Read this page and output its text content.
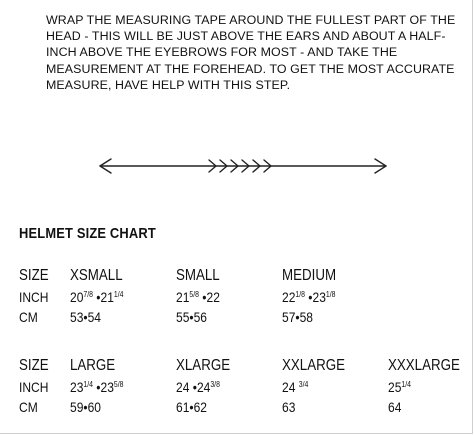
WRAP THE MEASURING TAPE AROUND THE FULLEST PART OF THE HEAD - THIS WILL BE JUST ABOVE THE EARS AND ABOUT A HALF-INCH ABOVE THE EYEBROWS FOR MOST - AND TAKE THE MEASUREMENT AT THE FOREHEAD. TO GET THE MOST ACCURATE MEASURE, HAVE HELP WITH THIS STEP.

HELMET SIZE CHART
SIZE XSMALL	SMALL	MEDIUM
INCH $20^{7/8}$ $•21^{1/4}$	$21^{5/8}$ •22	$22^{1/8}$ $•23^{1/8}$
CM 53•54	55•56	57•58
SIZE LARGE	XLARGE	XXLARGE	XXXLARGE
INCH $23^{1/4}$ $•23^{5/8}$	24 $•24^{3/8}$	24 $^{3/4}$	$25^{1/4}$
CM 59•60	61•62	63	64
